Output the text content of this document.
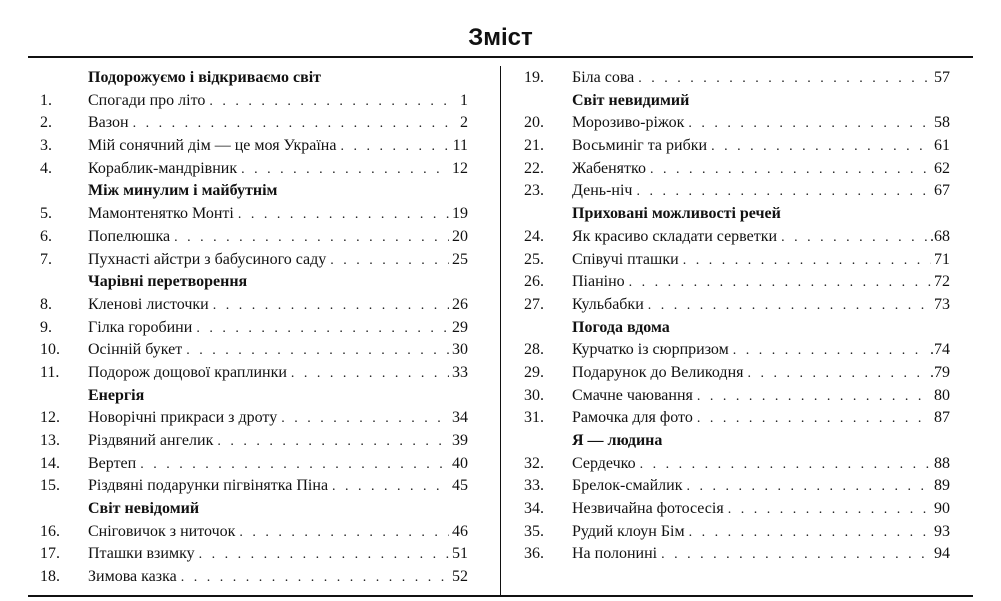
Зміст
Подорожуємо і відкриваємо світ
1. Спогади про літо . . .	1
2. Вазон . . .	2
3. Мій сонячний дім — це моя Україна . . .	11
4. Кораблик-мандрівник . . .	12
Між минулим і майбутнім
5. Мамонтенятко Монті . . .	19
6. Попелюшка . . .	20
7. Пухнасті айстри з бабусиного саду . . .	25
Чарівні перетворення
8. Кленові листочки . . .	26
9. Гілка горобини . . .	29
10. Осінній букет . . .	30
11. Подорож дощової краплинки . . .	33
Енергія
12. Новорічні прикраси з дроту . . .	34
13. Різдвяний ангелик . . .	39
14. Вертеп . . .	40
15. Різдвяні подарунки пігвінятка Піна . . .	45
Світ невідомий
16. Сніговичок з ниточок . . .	46
17. Пташки взимку . . .	51
18. Зимова казка . . .	52
19. Біла сова . . .	57
Світ невидимий
20. Морозиво-ріжок . . .	58
21. Восьминіг та рибки . . .	61
22. Жабенятко . . .	62
23. День-ніч . . .	67
Приховані можливості речей
24. Як красиво складати серветки . . .	.68
25. Співучі пташки . . .	71
26. Піаніно . . .	72
27. Кульбабки . . .	73
Погода вдома
28. Курчатко із сюрпризом . . .	.74
29. Подарунок до Великодня . . .	.79
30. Смачне чаювання . . .	80
31. Рамочка для фото . . .	87
Я — людина
32. Сердечко . . .	88
33. Брелок-смайлик . . .	89
34. Незвичайна фотосесія . . .	90
35. Рудий клоун Бім . . .	93
36. На полонині . . .	94
